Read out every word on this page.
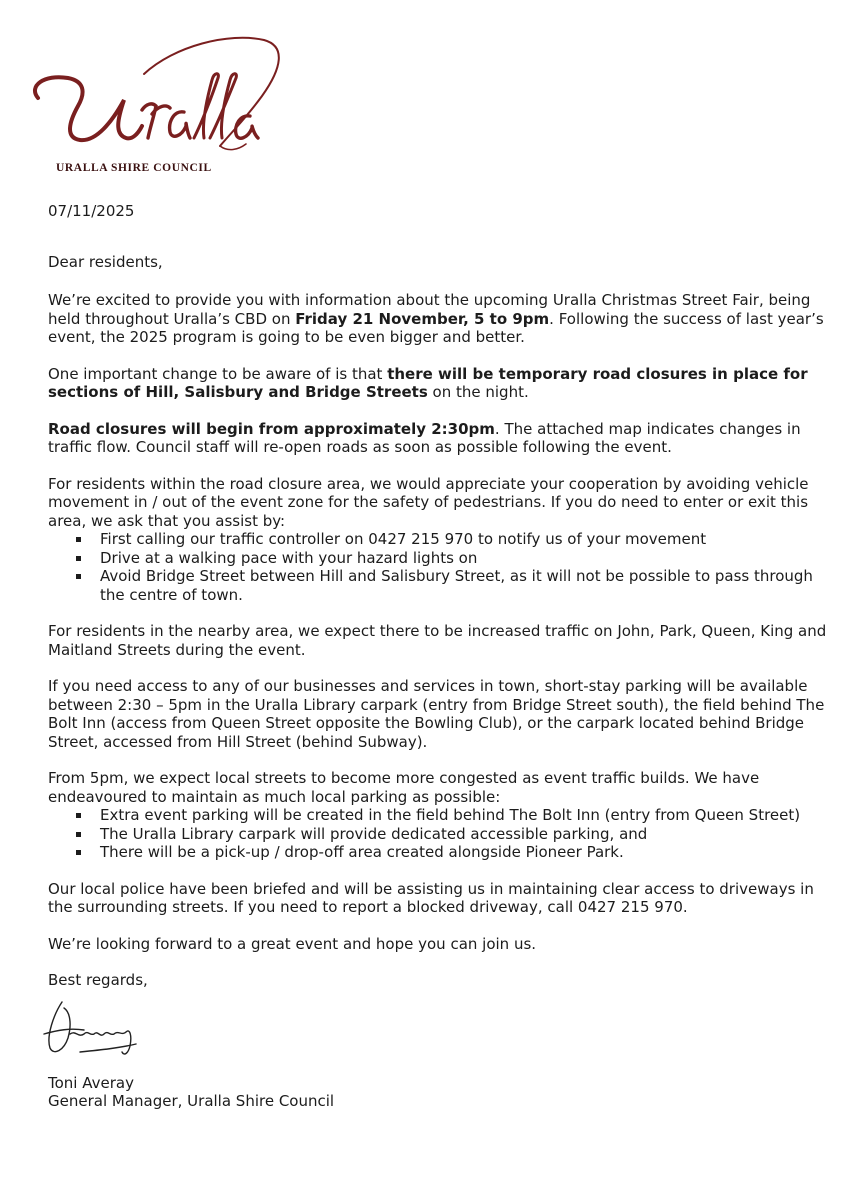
URALLA SHIRE COUNCIL
07/11/2025
Dear residents,

We’re excited to provide you with information about the upcoming Uralla Christmas Street Fair, being held throughout Uralla’s CBD on Friday 21 November, 5 to 9pm. Following the success of last year’s event, the 2025 program is going to be even bigger and better.

One important change to be aware of is that there will be temporary road closures in place for sections of Hill, Salisbury and Bridge Streets on the night.

Road closures will begin from approximately 2:30pm. The attached map indicates changes in traffic flow. Council staff will re-open roads as soon as possible following the event.

For residents within the road closure area, we would appreciate your cooperation by avoiding vehicle movement in / out of the event zone for the safety of pedestrians. If you do need to enter or exit this area, we ask that you assist by:

First calling our traffic controller on 0427 215 970 to notify us of your movement
Drive at a walking pace with your hazard lights on
Avoid Bridge Street between Hill and Salisbury Street, as it will not be possible to pass through the centre of town.

For residents in the nearby area, we expect there to be increased traffic on John, Park, Queen, King and Maitland Streets during the event.

If you need access to any of our businesses and services in town, short-stay parking will be available between 2:30 – 5pm in the Uralla Library carpark (entry from Bridge Street south), the field behind The Bolt Inn (access from Queen Street opposite the Bowling Club), or the carpark located behind Bridge Street, accessed from Hill Street (behind Subway).

From 5pm, we expect local streets to become more congested as event traffic builds. We have endeavoured to maintain as much local parking as possible:

Extra event parking will be created in the field behind The Bolt Inn (entry from Queen Street)
The Uralla Library carpark will provide dedicated accessible parking, and
There will be a pick-up / drop-off area created alongside Pioneer Park.

Our local police have been briefed and will be assisting us in maintaining clear access to driveways in the surrounding streets. If you need to report a blocked driveway, call 0427 215 970.

We’re looking forward to a great event and hope you can join us.

Best regards,

Toni Averay

General Manager, Uralla Shire Council
